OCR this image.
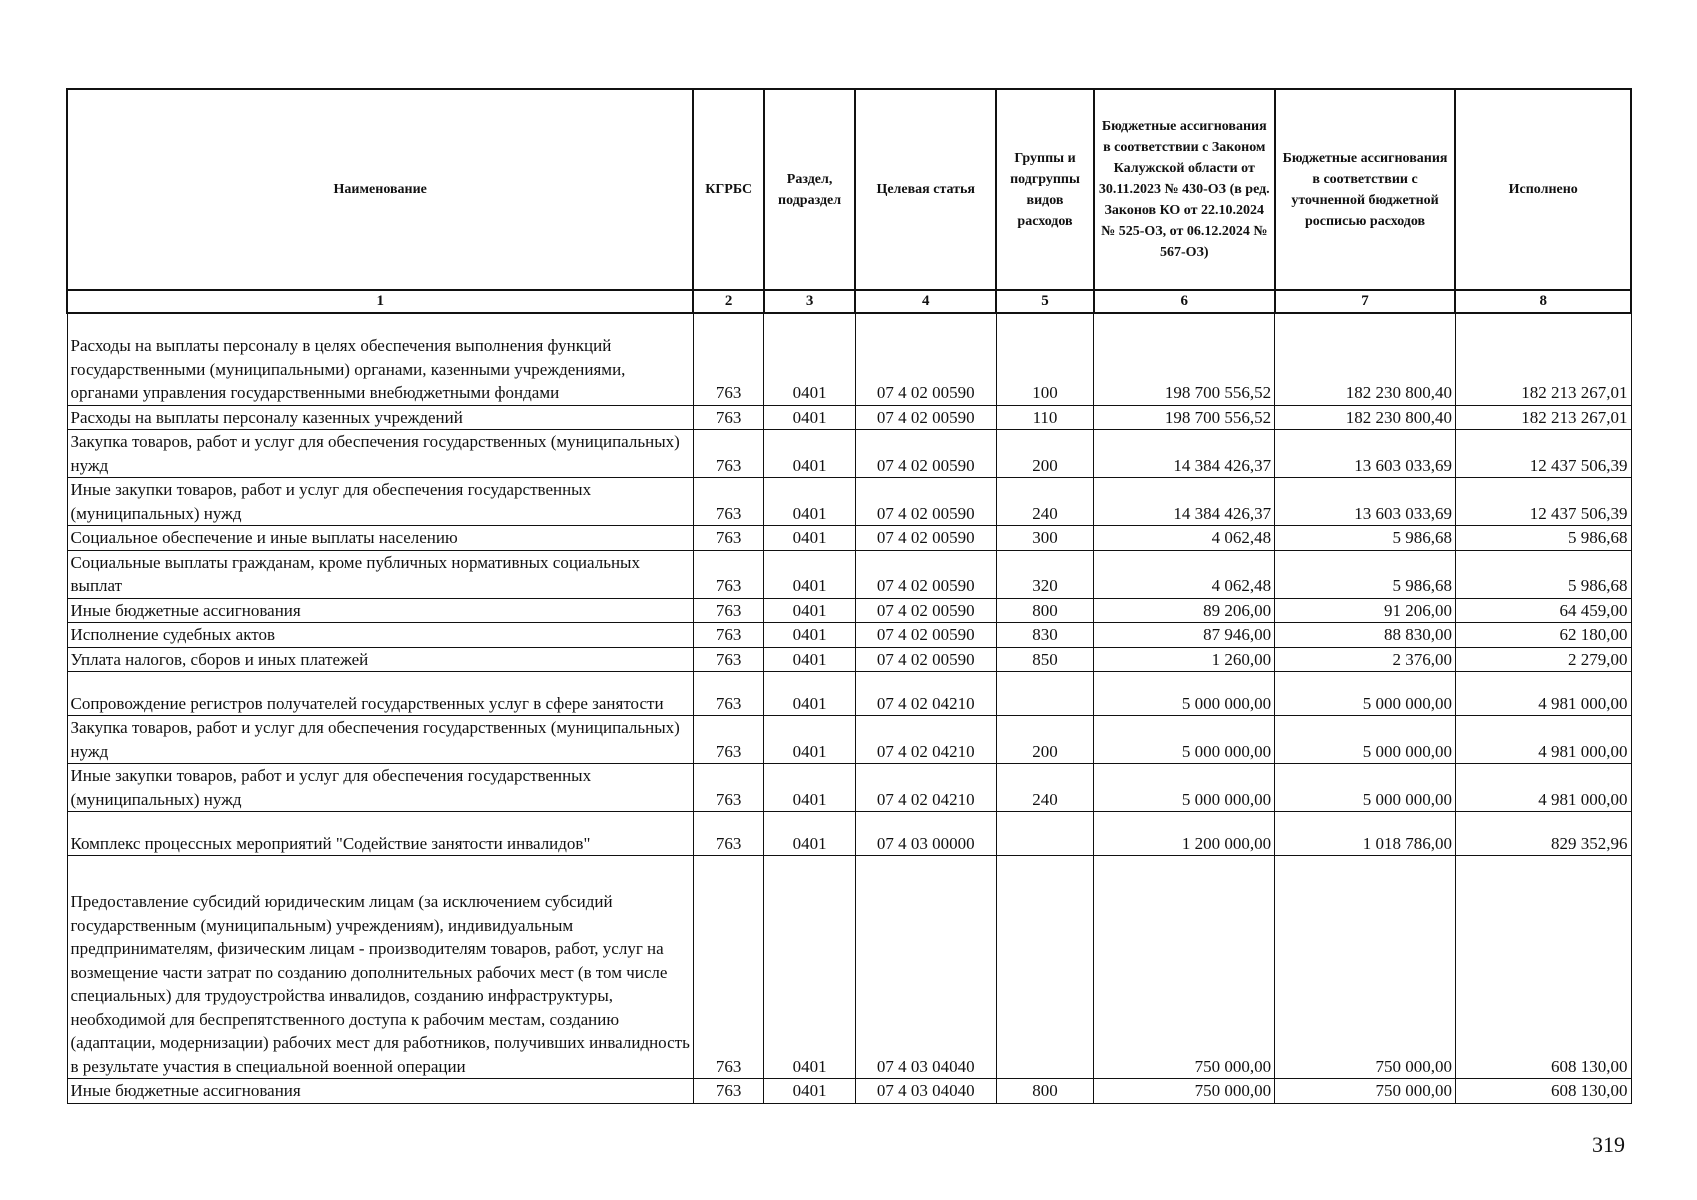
Наименование	КГРБС	Раздел, подраздел	Целевая статья	Группы и подгруппы видов расходов	Бюджетные ассигнования в соответствии с Законом Калужской области от 30.11.2023 № 430-ОЗ (в ред. Законов КО от 22.10.2024 № 525-ОЗ, от 06.12.2024 № 567-ОЗ)	Бюджетные ассигнования в соответствии с уточненной бюджетной росписью расходов	Исполнено
1	2	3	4	5	6	7	8
Расходы на выплаты персоналу в целях обеспечения выполнения функций государственными (муниципальными) органами, казенными учреждениями, органами управления государственными внебюджетными фондами	763	0401	07 4 02 00590	100	198 700 556,52	182 230 800,40	182 213 267,01
Расходы на выплаты персоналу казенных учреждений	763	0401	07 4 02 00590	110	198 700 556,52	182 230 800,40	182 213 267,01
Закупка товаров, работ и услуг для обеспечения государственных (муниципальных) нужд	763	0401	07 4 02 00590	200	14 384 426,37	13 603 033,69	12 437 506,39
Иные закупки товаров, работ и услуг для обеспечения государственных (муниципальных) нужд	763	0401	07 4 02 00590	240	14 384 426,37	13 603 033,69	12 437 506,39
Социальное обеспечение и иные выплаты населению	763	0401	07 4 02 00590	300	4 062,48	5 986,68	5 986,68
Социальные выплаты гражданам, кроме публичных нормативных социальных выплат	763	0401	07 4 02 00590	320	4 062,48	5 986,68	5 986,68
Иные бюджетные ассигнования	763	0401	07 4 02 00590	800	89 206,00	91 206,00	64 459,00
Исполнение судебных актов	763	0401	07 4 02 00590	830	87 946,00	88 830,00	62 180,00
Уплата налогов, сборов и иных платежей	763	0401	07 4 02 00590	850	1 260,00	2 376,00	2 279,00
Сопровождение регистров получателей государственных услуг в сфере занятости	763	0401	07 4 02 04210		5 000 000,00	5 000 000,00	4 981 000,00
Закупка товаров, работ и услуг для обеспечения государственных (муниципальных) нужд	763	0401	07 4 02 04210	200	5 000 000,00	5 000 000,00	4 981 000,00
Иные закупки товаров, работ и услуг для обеспечения государственных (муниципальных) нужд	763	0401	07 4 02 04210	240	5 000 000,00	5 000 000,00	4 981 000,00
Комплекс процессных мероприятий "Содействие занятости инвалидов"	763	0401	07 4 03 00000		1 200 000,00	1 018 786,00	829 352,96
Предоставление субсидий юридическим лицам (за исключением субсидий государственным (муниципальным) учреждениям), индивидуальным предпринимателям, физическим лицам - производителям товаров, работ, услуг на возмещение части затрат по созданию дополнительных рабочих мест (в том числе специальных) для трудоустройства инвалидов, созданию инфраструктуры, необходимой для беспрепятственного доступа к рабочим местам, созданию (адаптации, модернизации) рабочих мест для работников, получивших инвалидность в результате участия в специальной военной операции	763	0401	07 4 03 04040		750 000,00	750 000,00	608 130,00
Иные бюджетные ассигнования	763	0401	07 4 03 04040	800	750 000,00	750 000,00	608 130,00
319
